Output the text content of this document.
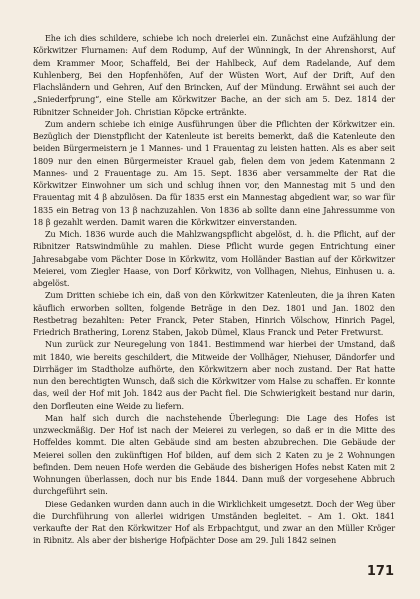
Ehe ich dies schildere, schiebe ich noch dreierlei ein. Zunächst eine Aufzählung der Körkwitzer Flurnamen: Auf dem Rodump, Auf der Wünningk, In der Ahrenshorst, Auf dem Krammer Moor, Schaffeld, Bei der Hahlbeck, Auf dem Radelande, Auf dem Kuhlenberg, Bei den Hopfenhöfen, Auf der Wüsten Wort, Auf der Drift, Auf den Flachsländern und Gehren, Auf den Brincken, Auf der Mündung. Erwähnt sei auch der „Sniederfprung“, eine Stelle am Körkwitzer Bache, an der sich am 5. Dez. 1814 der Ribnitzer Schneider Joh. Christian Köpcke ertränkte.

Zum andern schiebe ich einige Ausführungen über die Pflichten der Körkwitzer ein. Bezüglich der Dienstpflicht der Katenleute ist bereits bemerkt, daß die Katenleute den beiden Bürgermeistern je 1 Mannes- und 1 Frauentag zu leisten hatten. Als es aber seit 1809 nur den einen Bürgermeister Krauel gab, fielen dem von jedem Katenmann 2 Mannes- und 2 Frauentage zu. Am 15. Sept. 1836 aber versammelte der Rat die Körkwitzer Einwohner um sich und schlug ihnen vor, den Mannestag mit 5 und den Frauentag mit 4 β abzulösen. Da für 1835 erst ein Mannestag abgedient war, so war für 1835 ein Betrag von 13 β nachzuzahlen. Von 1836 ab sollte dann eine Jahressumme von 18 β gezahlt werden. Damit waren die Körkwitzer einverstanden.

Zu Mich. 1836 wurde auch die Mahlzwangspflicht abgelöst, d. h. die Pflicht, auf der Ribnitzer Ratswindmühle zu mahlen. Diese Pflicht wurde gegen Entrichtung einer Jahresabgabe vom Pächter Dose in Körkwitz, vom Holländer Bastian auf der Körkwitzer Meierei, vom Ziegler Haase, von Dorf Körkwitz, von Vollhagen, Niehus, Einhusen u. a. abgelöst.

Zum Dritten schiebe ich ein, daß von den Körkwitzer Katenleuten, die ja ihren Katen käuflich erworben sollten, folgende Beträge in den Dez. 1801 und Jan. 1802 den Restbetrag bezahlten: Peter Franck, Peter Staben, Hinrich Völschow, Hinrich Pagel, Friedrich Brathering, Lorenz Staben, Jakob Dümel, Klaus Franck und Peter Fretwurst.

Nun zurück zur Neuregelung von 1841. Bestimmend war hierbei der Umstand, daß mit 1840, wie bereits geschildert, die Mitweide der Vollhäger, Niehuser, Dändorfer und Dirrhäger im Stadtholze aufhörte, den Körkwitzern aber noch zustand. Der Rat hatte nun den berechtigten Wunsch, daß sich die Körkwitzer vom Halse zu schaffen. Er konnte das, weil der Hof mit Joh. 1842 aus der Pacht fiel. Die Schwierigkeit bestand nur darin, den Dorfleuten eine Weide zu liefern.

Man half sich durch die nachstehende Überlegung: Die Lage des Hofes ist unzweckmäßig. Der Hof ist nach der Meierei zu verlegen, so daß er in die Mitte des Hoffeldes kommt. Die alten Gebäude sind am besten abzubrechen. Die Gebäude der Meierei sollen den zukünftigen Hof bilden, auf dem sich 2 Katen zu je 2 Wohnungen befinden. Dem neuen Hofe werden die Gebäude des bisherigen Hofes nebst Katen mit 2 Wohnungen überlassen, doch nur bis Ende 1844. Dann muß der vorgesehene Abbruch durchgeführt sein.

Diese Gedanken wurden dann auch in die Wirklichkeit umgesetzt. Doch der Weg über die Durchführung von allerlei widrigen Umständen begleitet. – Am 1. Okt. 1841 verkaufte der Rat den Körkwitzer Hof als Erbpachtgut, und zwar an den Müller Kröger in Ribnitz. Als aber der bisherige Hofpächter Dose am 29. Juli 1842 seinen

171
